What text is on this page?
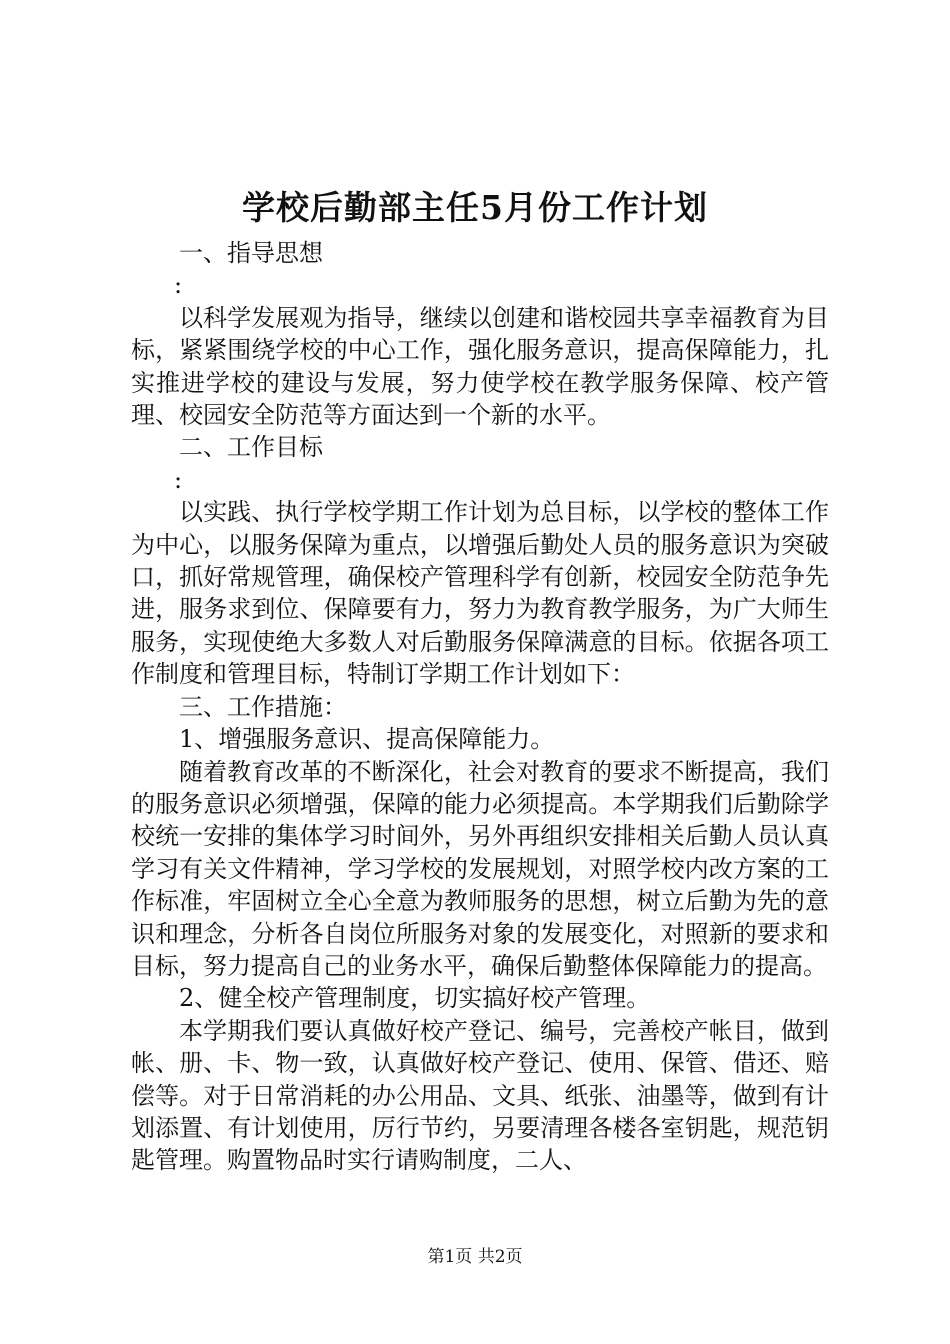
学校后勤部主任5月份工作计划

一、指导思想

:

以科学发展观为指导，继续以创建和谐校园共享幸福教育为目标，紧紧围绕学校的中心工作，强化服务意识，提高保障能力，扎实推进学校的建设与发展，努力使学校在教学服务保障、校产管理、校园安全防范等方面达到一个新的水平。

二、工作目标

:

以实践、执行学校学期工作计划为总目标，以学校的整体工作为中心，以服务保障为重点，以增强后勤处人员的服务意识为突破口，抓好常规管理，确保校产管理科学有创新，校园安全防范争先进，服务求到位、保障要有力，努力为教育教学服务，为广大师生服务，实现使绝大多数人对后勤服务保障满意的目标。依据各项工作制度和管理目标，特制订学期工作计划如下：

三、工作措施：

1、增强服务意识、提高保障能力。

随着教育改革的不断深化，社会对教育的要求不断提高，我们的服务意识必须增强，保障的能力必须提高。本学期我们后勤除学校统一安排的集体学习时间外，另外再组织安排相关后勤人员认真学习有关文件精神，学习学校的发展规划，对照学校内改方案的工作标准，牢固树立全心全意为教师服务的思想，树立后勤为先的意识和理念，分析各自岗位所服务对象的发展变化，对照新的要求和目标，努力提高自己的业务水平，确保后勤整体保障能力的提高。

2、健全校产管理制度，切实搞好校产管理。

本学期我们要认真做好校产登记、编号，完善校产帐目，做到帐、册、卡、物一致，认真做好校产登记、使用、保管、借还、赔偿等。对于日常消耗的办公用品、文具、纸张、油墨等，做到有计划添置、有计划使用，厉行节约，另要清理各楼各室钥匙，规范钥匙管理。购置物品时实行请购制度，二人、

第1页 共2页
